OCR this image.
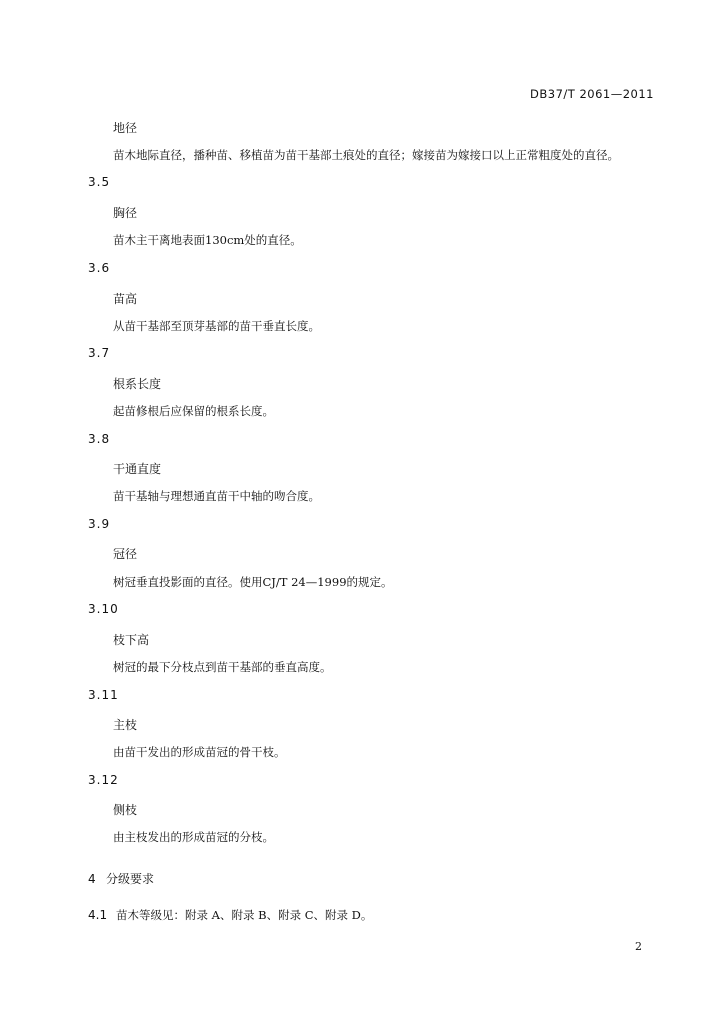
DB37/T 2061—2011
地径
苗木地际直径，播种苗、移植苗为苗干基部土痕处的直径；嫁接苗为嫁接口以上正常粗度处的直径。
3.5
胸径
苗木主干离地表面130cm处的直径。
3.6
苗高
从苗干基部至顶芽基部的苗干垂直长度。
3.7
根系长度
起苗修根后应保留的根系长度。
3.8
干通直度
苗干基轴与理想通直苗干中轴的吻合度。
3.9
冠径
树冠垂直投影面的直径。使用CJ/T 24—1999的规定。
3.10
枝下高
树冠的最下分枝点到苗干基部的垂直高度。
3.11
主枝
由苗干发出的形成苗冠的骨干枝。
3.12
侧枝
由主枝发出的形成苗冠的分枝。
4 分级要求
4.1 苗木等级见：附录 A、附录 B、附录 C、附录 D。
2
